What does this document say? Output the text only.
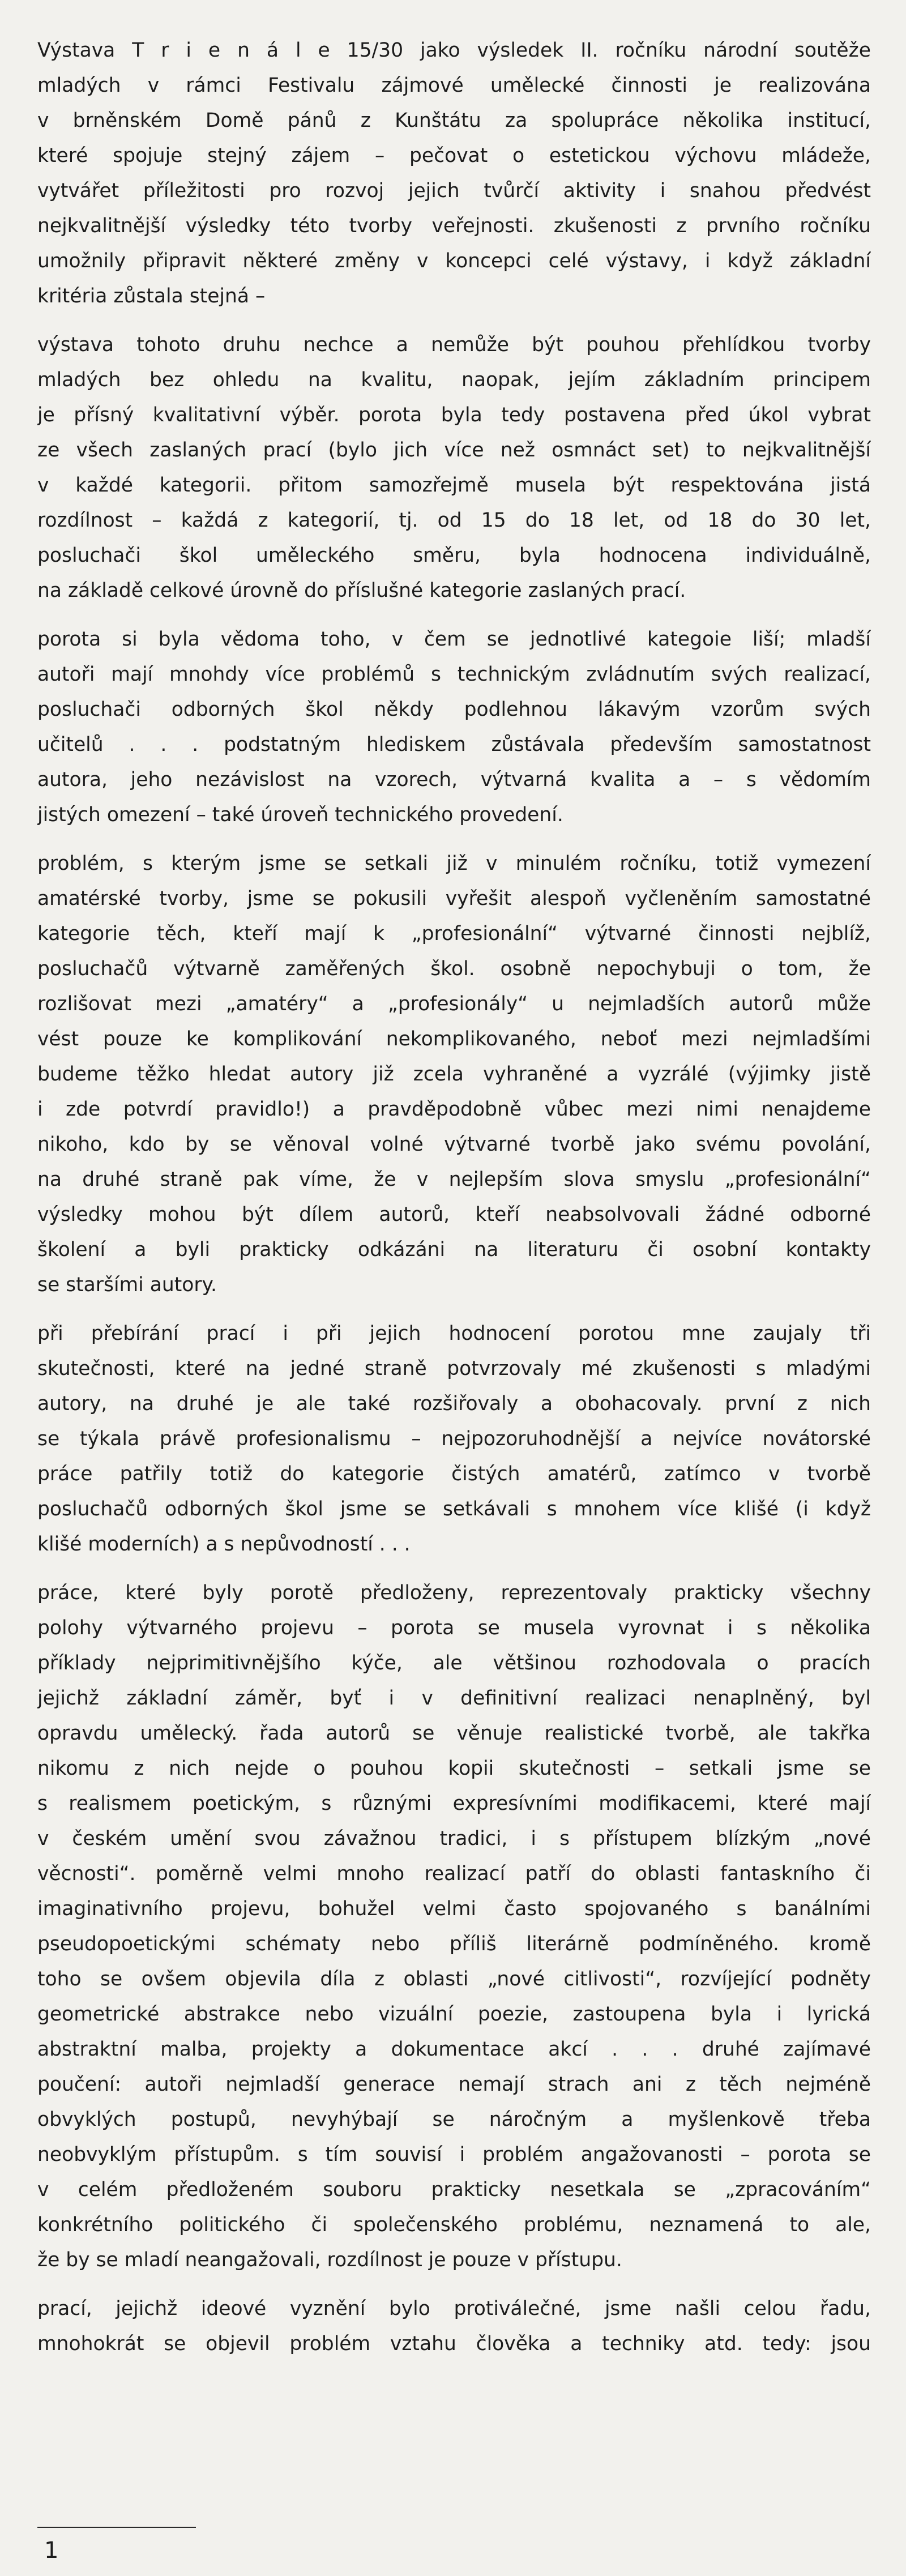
Výstava T r i e n á l e 15/30 jako výsledek II. ročníku národní soutěže
mladých v rámci Festivalu zájmové umělecké činnosti je realizována
v brněnském Domě pánů z Kunštátu za spolupráce několika institucí,
které spojuje stejný zájem – pečovat o estetickou výchovu mládeže,
vytvářet příležitosti pro rozvoj jejich tvůrčí aktivity i snahou předvést
nejkvalitnější výsledky této tvorby veřejnosti. zkušenosti z prvního ročníku
umožnily připravit některé změny v koncepci celé výstavy, i když základní
kritéria zůstala stejná –
výstava tohoto druhu nechce a nemůže být pouhou přehlídkou tvorby
mladých bez ohledu na kvalitu, naopak, jejím základním principem
je přísný kvalitativní výběr. porota byla tedy postavena před úkol vybrat
ze všech zaslaných prací (bylo jich více než osmnáct set) to nejkvalitnější
v každé kategorii. přitom samozřejmě musela být respektována jistá
rozdílnost – každá z kategorií, tj. od 15 do 18 let, od 18 do 30 let,
posluchači škol uměleckého směru, byla hodnocena individuálně,
na základě celkové úrovně do příslušné kategorie zaslaných prací.
porota si byla vědoma toho, v čem se jednotlivé kategoie liší; mladší
autoři mají mnohdy více problémů s technickým zvládnutím svých realizací,
posluchači odborných škol někdy podlehnou lákavým vzorům svých
učitelů . . . podstatným hlediskem zůstávala především samostatnost
autora, jeho nezávislost na vzorech, výtvarná kvalita a – s vědomím
jistých omezení – také úroveň technického provedení.
problém, s kterým jsme se setkali již v minulém ročníku, totiž vymezení
amatérské tvorby, jsme se pokusili vyřešit alespoň vyčleněním samostatné
kategorie těch, kteří mají k „profesionální“ výtvarné činnosti nejblíž,
posluchačů výtvarně zaměřených škol. osobně nepochybuji o tom, že
rozlišovat mezi „amatéry“ a „profesionály“ u nejmladších autorů může
vést pouze ke komplikování nekomplikovaného, neboť mezi nejmladšími
budeme těžko hledat autory již zcela vyhraněné a vyzrálé (výjimky jistě
i zde potvrdí pravidlo!) a pravděpodobně vůbec mezi nimi nenajdeme
nikoho, kdo by se věnoval volné výtvarné tvorbě jako svému povolání,
na druhé straně pak víme, že v nejlepším slova smyslu „profesionální“
výsledky mohou být dílem autorů, kteří neabsolvovali žádné odborné
školení a byli prakticky odkázáni na literaturu či osobní kontakty
se staršími autory.
při přebírání prací i při jejich hodnocení porotou mne zaujaly tři
skutečnosti, které na jedné straně potvrzovaly mé zkušenosti s mladými
autory, na druhé je ale také rozšiřovaly a obohacovaly. první z nich
se týkala právě profesionalismu – nejpozoruhodnější a nejvíce novátorské
práce patřily totiž do kategorie čistých amatérů, zatímco v tvorbě
posluchačů odborných škol jsme se setkávali s mnohem více klišé (i když
klišé moderních) a s nepůvodností . . .
práce, které byly porotě předloženy, reprezentovaly prakticky všechny
polohy výtvarného projevu – porota se musela vyrovnat i s několika
příklady nejprimitivnějšího kýče, ale většinou rozhodovala o pracích
jejichž základní záměr, byť i v definitivní realizaci nenaplněný, byl
opravdu umělecký. řada autorů se věnuje realistické tvorbě, ale takřka
nikomu z nich nejde o pouhou kopii skutečnosti – setkali jsme se
s realismem poetickým, s různými expresívními modifikacemi, které mají
v českém umění svou závažnou tradici, i s přístupem blízkým „nové
věcnosti“. poměrně velmi mnoho realizací patří do oblasti fantaskního či
imaginativního projevu, bohužel velmi často spojovaného s banálními
pseudopoetickými schématy nebo příliš literárně podmíněného. kromě
toho se ovšem objevila díla z oblasti „nové citlivosti“, rozvíjející podněty
geometrické abstrakce nebo vizuální poezie, zastoupena byla i lyrická
abstraktní malba, projekty a dokumentace akcí . . . druhé zajímavé
poučení: autoři nejmladší generace nemají strach ani z těch nejméně
obvyklých postupů, nevyhýbají se náročným a myšlenkově třeba
neobvyklým přístupům. s tím souvisí i problém angažovanosti – porota se
v celém předloženém souboru prakticky nesetkala se „zpracováním“
konkrétního politického či společenského problému, neznamená to ale,
že by se mladí neangažovali, rozdílnost je pouze v přístupu.
prací, jejichž ideové vyznění bylo protiválečné, jsme našli celou řadu,
mnohokrát se objevil problém vztahu člověka a techniky atd. tedy: jsou
1
